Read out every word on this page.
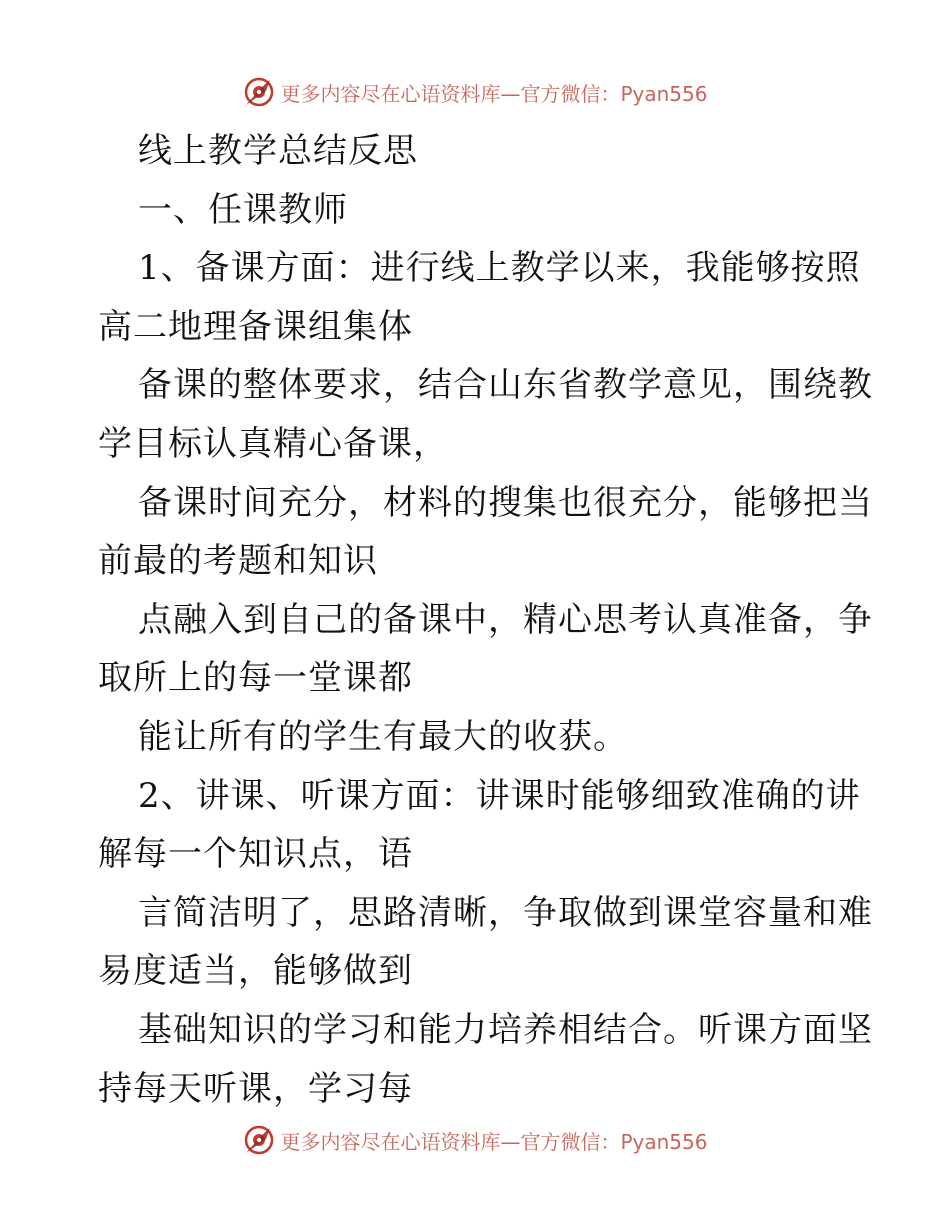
更多内容尽在心语资料库—官方微信：Pyan556
线上教学总结反思
一、任课教师
1、备课方面：进行线上教学以来，我能够按照
高二地理备课组集体
备课的整体要求，结合山东省教学意见，围绕教
学目标认真精心备课，
备课时间充分，材料的搜集也很充分，能够把当
前最的考题和知识
点融入到自己的备课中，精心思考认真准备，争
取所上的每一堂课都
能让所有的学生有最大的收获。
2、讲课、听课方面：讲课时能够细致准确的讲
解每一个知识点，语
言简洁明了，思路清晰，争取做到课堂容量和难
易度适当，能够做到
基础知识的学习和能力培养相结合。听课方面坚
持每天听课，学习每
更多内容尽在心语资料库—官方微信：Pyan556
